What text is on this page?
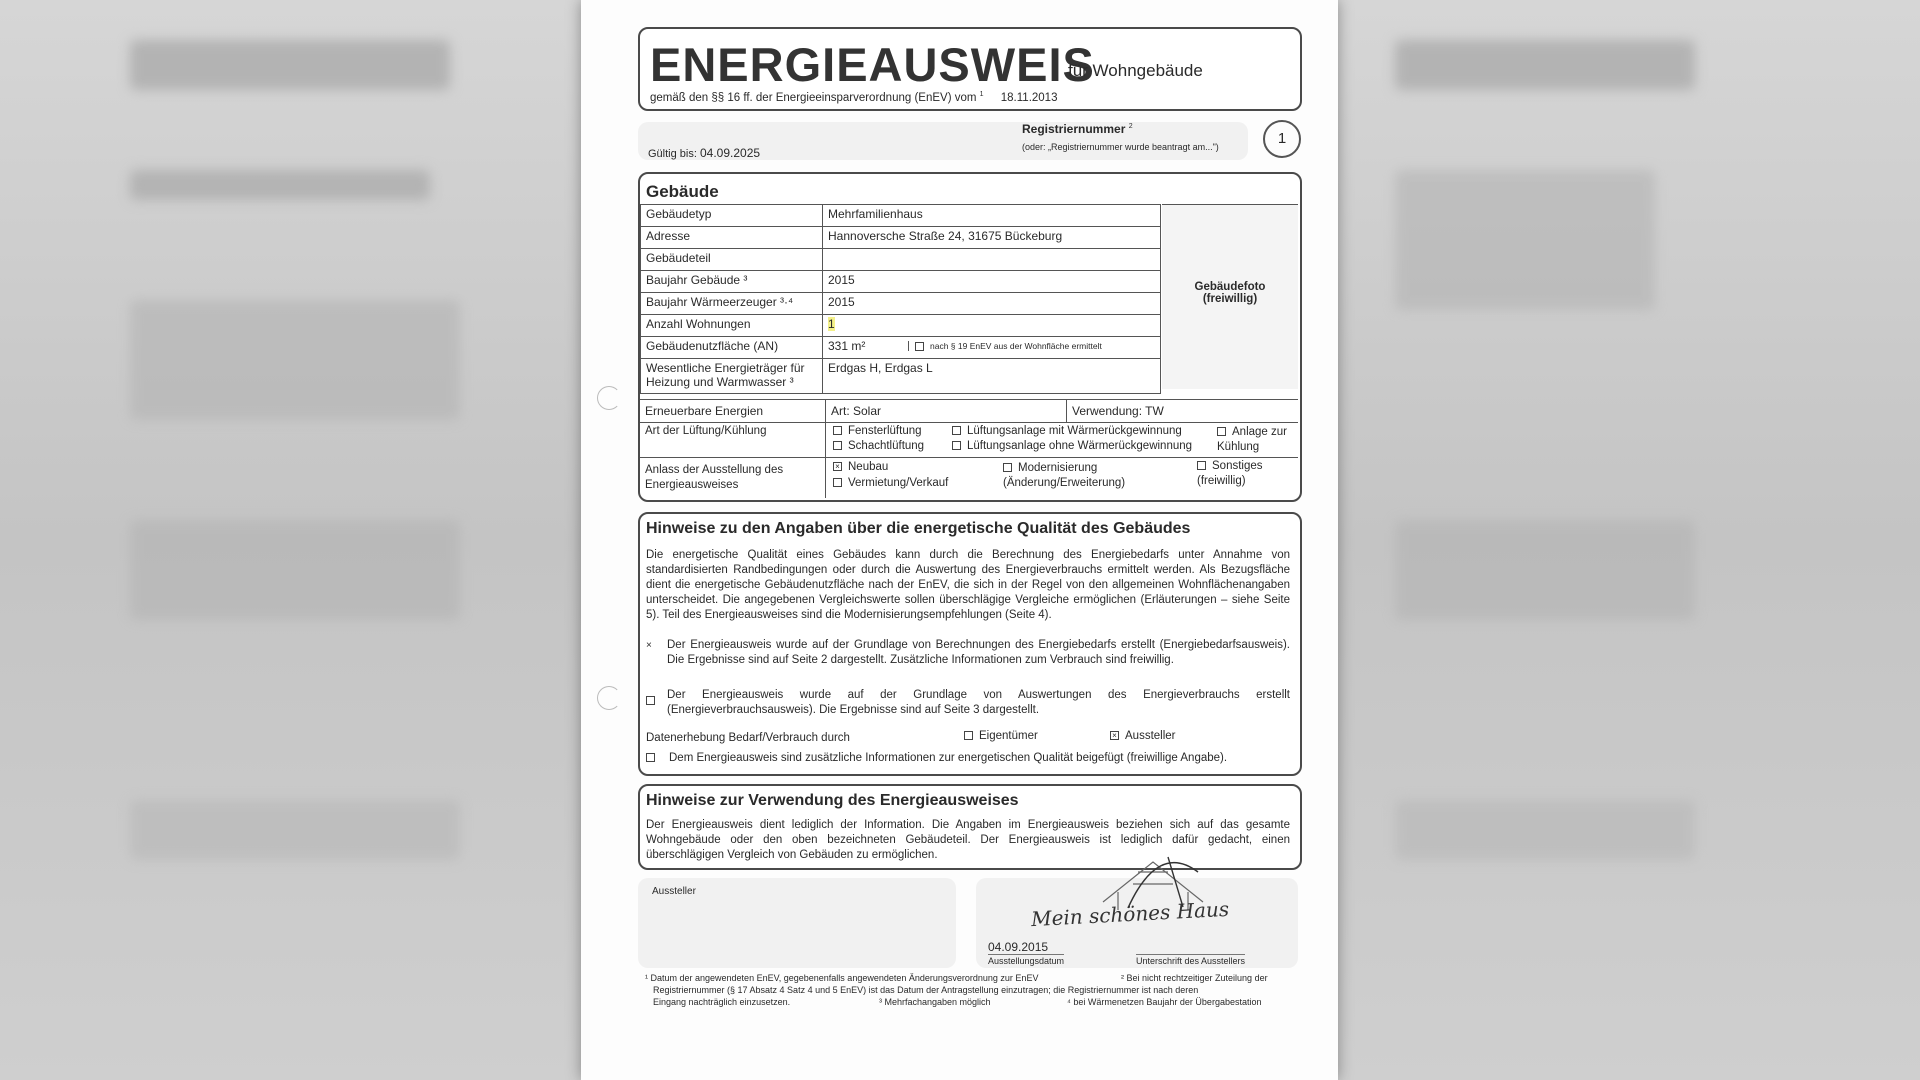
ENERGIEAUSWEIS
für Wohngebäude
gemäß den §§ 16 ff. der Energieeinsparverordnung (EnEV) vom $^1$ 18.11.2013
Gültig bis: 04.09.2025
Registriernummer $^2$
(oder: „Registriernummer wurde beantragt am...")	1
Gebäude
Gebäudetyp	Mehrfamilienhaus
Adresse	Hannoversche Straße 24, 31675 Bückeburg
Gebäudeteil	
Baujahr Gebäude ³	2015
Baujahr Wärmeerzeuger ³·⁴	2015
Anzahl Wohnungen	1
Gebäudenutzfläche (AN)	331 m² nach § 19 EnEV aus der Wohnfläche ermittelt

Wesentliche Energieträger für Heizung und Warmwasser ³	Erdgas H, Erdgas L
Gebäudefoto (freiwillig)
Erneuerbare Energien	Art: Solar	Verwendung: TW
Art der Lüftung/Kühlung	Fensterlüftung
Schachtlüftung
Lüftungsanlage mit Wärmerückgewinnung
Lüftungsanlage ohne Wärmerückgewinnung
Anlage zur Kühlung
Anlass der Ausstellung des Energieausweises
× Neubau
Vermietung/Verkauf
Modernisierung (Änderung/Erweiterung)
Sonstiges (freiwillig)
Hinweise zu den Angaben über die energetische Qualität des Gebäudes
Die energetische Qualität eines Gebäudes kann durch die Berechnung des Energiebedarfs unter Annahme von standardisierten Randbedingungen oder durch die Auswertung des Energieverbrauchs ermittelt werden. Als Bezugsfläche dient die energetische Gebäudenutzfläche nach der EnEV, die sich in der Regel von den allgemeinen Wohnflächenangaben unterscheidet. Die angegebenen Vergleichswerte sollen überschlägige Vergleiche ermöglichen (Erläuterungen – siehe Seite 5). Teil des Energieausweises sind die Modernisierungsempfehlungen (Seite 4).
× Der Energieausweis wurde auf der Grundlage von Berechnungen des Energiebedarfs erstellt (Energiebedarfsausweis). Die Ergebnisse sind auf Seite 2 dargestellt. Zusätzliche Informationen zum Verbrauch sind freiwillig.
Der Energieausweis wurde auf der Grundlage von Auswertungen des Energieverbrauchs erstellt (Energieverbrauchsausweis). Die Ergebnisse sind auf Seite 3 dargestellt.
Datenerhebung Bedarf/Verbrauch durch	Eigentümer	× Aussteller
Dem Energieausweis sind zusätzliche Informationen zur energetischen Qualität beigefügt (freiwillige Angabe).
Hinweise zur Verwendung des Energieausweises
Der Energieausweis dient lediglich der Information. Die Angaben im Energieausweis beziehen sich auf das gesamte Wohngebäude oder den oben bezeichneten Gebäudeteil. Der Energieausweis ist lediglich dafür gedacht, einen überschlägigen Vergleich von Gebäuden zu ermöglichen.
Aussteller
Mein schönes Haus
04.09.2015
Ausstellungsdatum	Unterschrift des Ausstellers
¹ Datum der angewendeten EnEV, gegebenenfalls angewendeten Änderungsverordnung zur EnEV	² Bei nicht rechtzeitiger Zuteilung der
Registriernummer (§ 17 Absatz 4 Satz 4 und 5 EnEV) ist das Datum der Antragstellung einzutragen; die Registriernummer ist nach deren
Eingang nachträglich einzusetzen.	³ Mehrfachangaben möglich	⁴ bei Wärmenetzen Baujahr der Übergabestation
